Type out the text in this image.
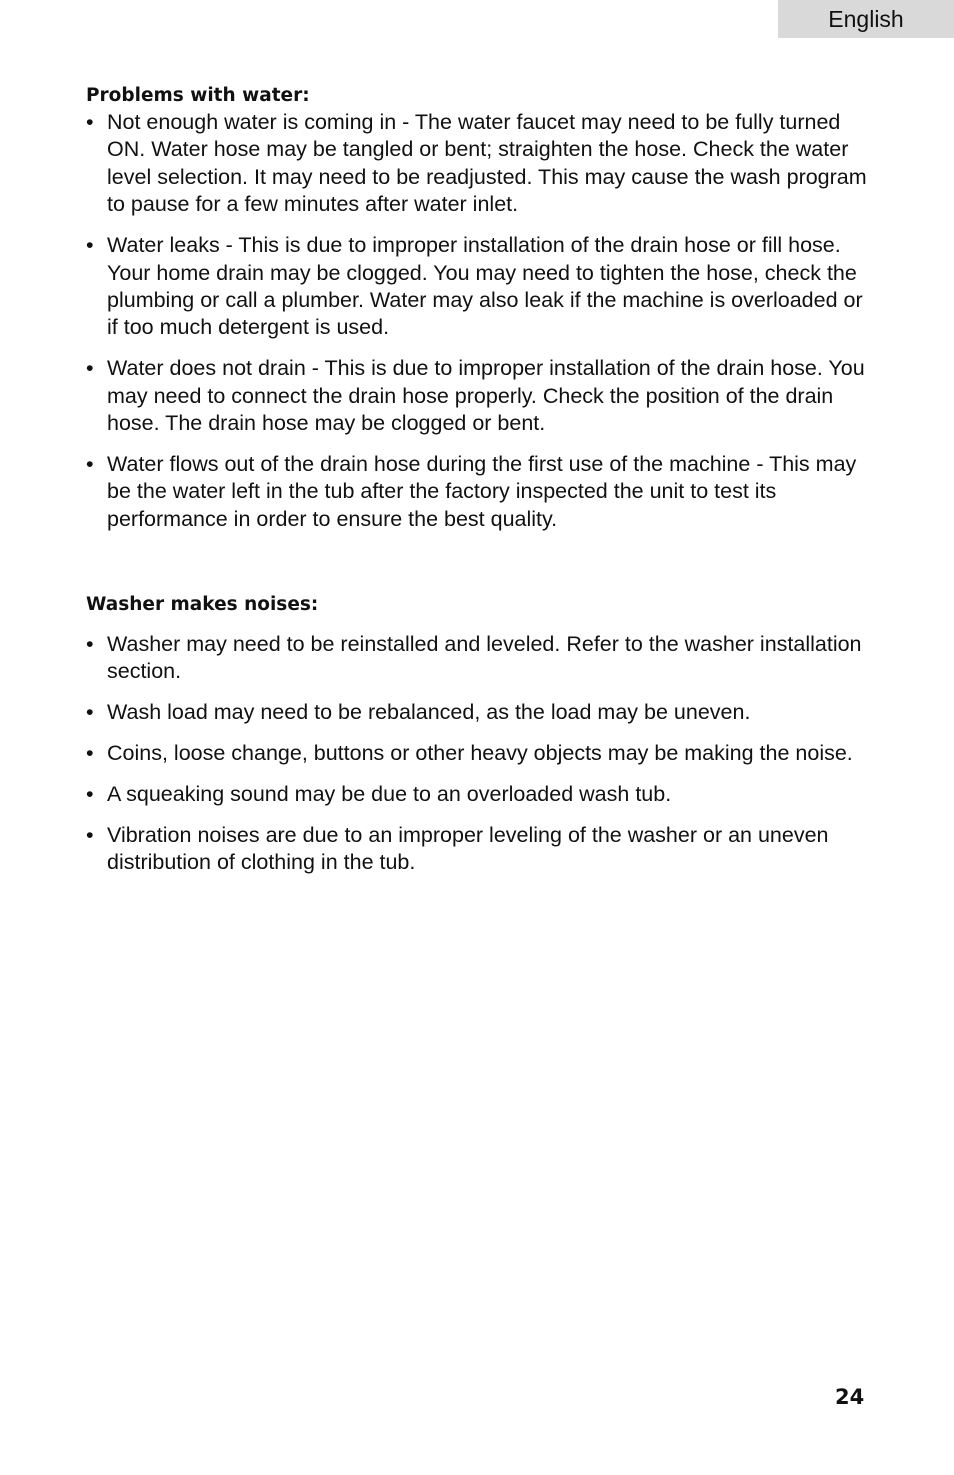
English
Problems with water:
• Not enough water is coming in - The water faucet may need to be fully turned ON. Water hose may be tangled or bent; straighten the hose. Check the water level selection. It may need to be readjusted. This may cause the wash program to pause for a few minutes after water inlet.
• Water leaks - This is due to improper installation of the drain hose or fill hose. Your home drain may be clogged. You may need to tighten the hose, check the plumbing or call a plumber. Water may also leak if the machine is overloaded or if too much detergent is used.
• Water does not drain - This is due to improper installation of the drain hose. You may need to connect the drain hose properly. Check the position of the drain hose. The drain hose may be clogged or bent.
• Water flows out of the drain hose during the first use of the machine - This may be the water left in the tub after the factory inspected the unit to test its performance in order to ensure the best quality.
Washer makes noises:
• Washer may need to be reinstalled and leveled. Refer to the washer installation section.
• Wash load may need to be rebalanced, as the load may be uneven.
• Coins, loose change, buttons or other heavy objects may be making the noise.
• A squeaking sound may be due to an overloaded wash tub.
• Vibration noises are due to an improper leveling of the washer or an uneven distribution of clothing in the tub.
24
